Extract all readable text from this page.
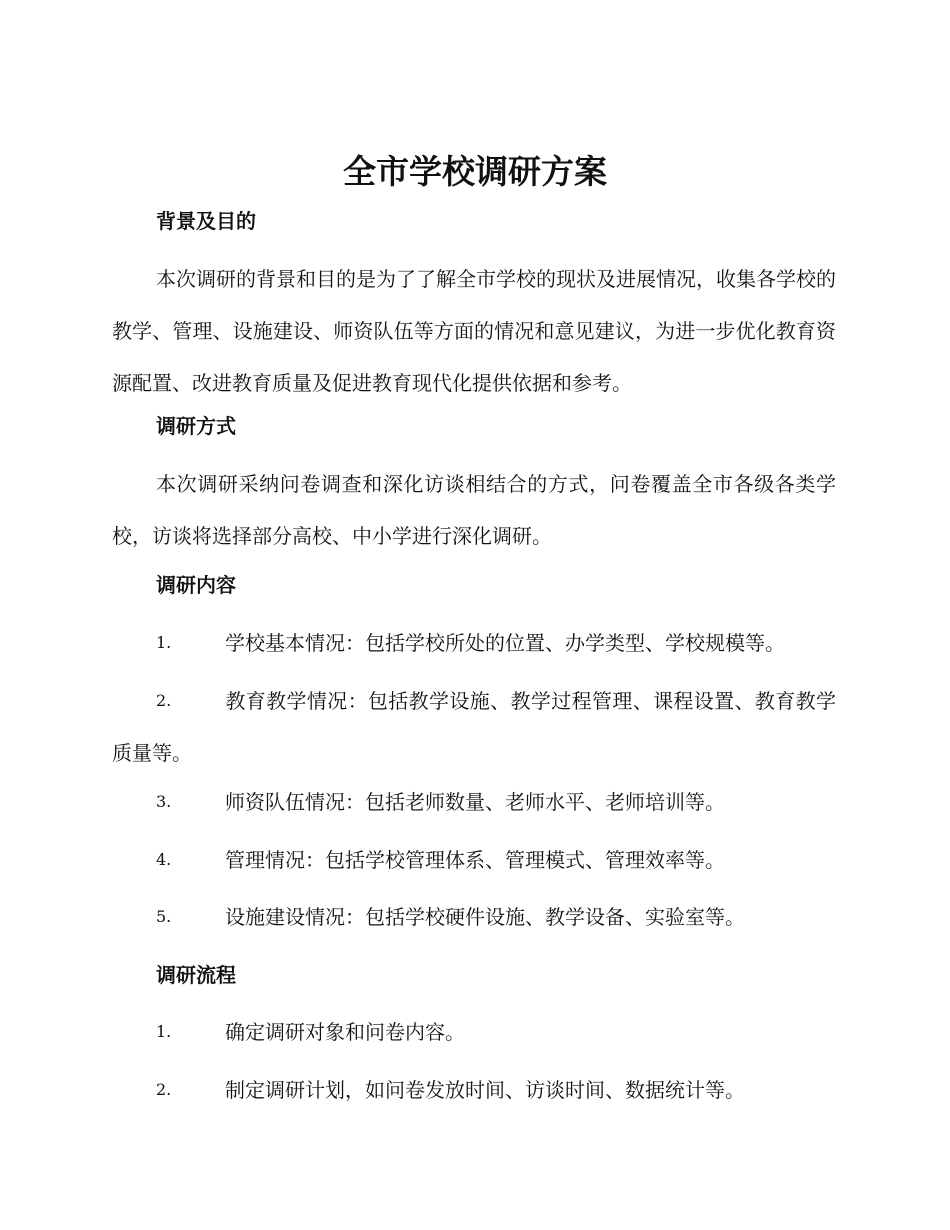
全市学校调研方案
背景及目的
本次调研的背景和目的是为了了解全市学校的现状及进展情况，收集各学校的教学、管理、设施建设、师资队伍等方面的情况和意见建议，为进一步优化教育资源配置、改进教育质量及促进教育现代化提供依据和参考。
调研方式
本次调研采纳问卷调查和深化访谈相结合的方式，问卷覆盖全市各级各类学校，访谈将选择部分高校、中小学进行深化调研。
调研内容
1.	学校基本情况：包括学校所处的位置、办学类型、学校规模等。
2.	教育教学情况：包括教学设施、教学过程管理、课程设置、教育教学质量等。
3.	师资队伍情况：包括老师数量、老师水平、老师培训等。
4.	管理情况：包括学校管理体系、管理模式、管理效率等。
5.	设施建设情况：包括学校硬件设施、教学设备、实验室等。
调研流程
1.	确定调研对象和问卷内容。
2.	制定调研计划，如问卷发放时间、访谈时间、数据统计等。
